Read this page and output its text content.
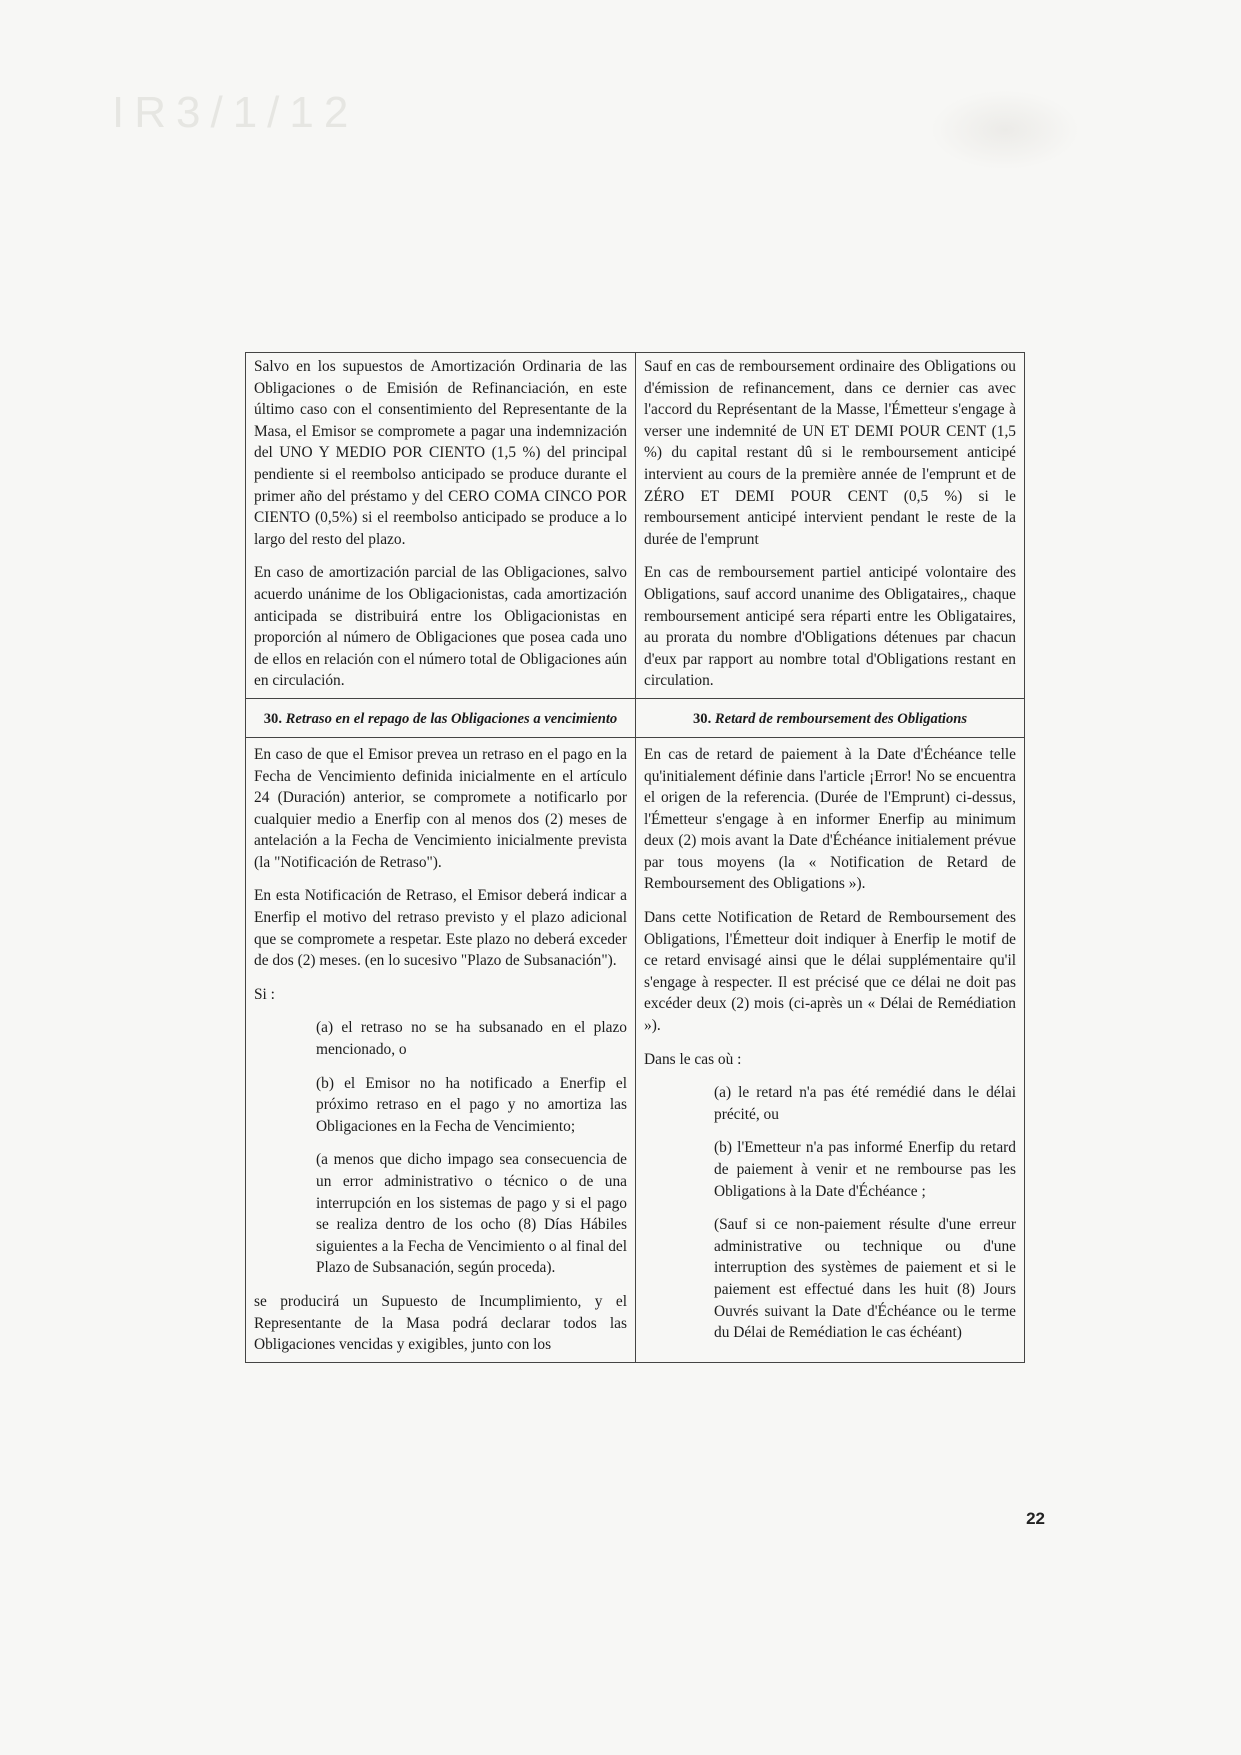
IR3/1/12

Salvo en los supuestos de Amortización Ordinaria de las Obligaciones o de Emisión de Refinanciación, en este último caso con el consentimiento del Representante de la Masa, el Emisor se compromete a pagar una indemnización del UNO Y MEDIO POR CIENTO (1,5 %) del principal pendiente si el reembolso anticipado se produce durante el primer año del préstamo y del CERO COMA CINCO POR CIENTO (0,5%) si el reembolso anticipado se produce a lo largo del resto del plazo.

En caso de amortización parcial de las Obligaciones, salvo acuerdo unánime de los Obligacionistas, cada amortización anticipada se distribuirá entre los Obligacionistas en proporción al número de Obligaciones que posea cada uno de ellos en relación con el número total de Obligaciones aún en circulación.

Sauf en cas de remboursement ordinaire des Obligations ou d'émission de refinancement, dans ce dernier cas avec l'accord du Représentant de la Masse, l'Émetteur s'engage à verser une indemnité de UN ET DEMI POUR CENT (1,5 %) du capital restant dû si le remboursement anticipé intervient au cours de la première année de l'emprunt et de ZÉRO ET DEMI POUR CENT (0,5 %) si le remboursement anticipé intervient pendant le reste de la durée de l'emprunt

En cas de remboursement partiel anticipé volontaire des Obligations, sauf accord unanime des Obligataires,, chaque remboursement anticipé sera réparti entre les Obligataires, au prorata du nombre d'Obligations détenues par chacun d'eux par rapport au nombre total d'Obligations restant en circulation.

30. Retraso en el repago de las Obligaciones a vencimiento	30. Retard de remboursement des Obligations

En caso de que el Emisor prevea un retraso en el pago en la Fecha de Vencimiento definida inicialmente en el artículo 24 (Duración) anterior, se compromete a notificarlo por cualquier medio a Enerfip con al menos dos (2) meses de antelación a la Fecha de Vencimiento inicialmente prevista (la "Notificación de Retraso").

En esta Notificación de Retraso, el Emisor deberá indicar a Enerfip el motivo del retraso previsto y el plazo adicional que se compromete a respetar. Este plazo no deberá exceder de dos (2) meses. (en lo sucesivo "Plazo de Subsanación").

Si :

(a) el retraso no se ha subsanado en el plazo mencionado, o

(b) el Emisor no ha notificado a Enerfip el próximo retraso en el pago y no amortiza las Obligaciones en la Fecha de Vencimiento;

(a menos que dicho impago sea consecuencia de un error administrativo o técnico o de una interrupción en los sistemas de pago y si el pago se realiza dentro de los ocho (8) Días Hábiles siguientes a la Fecha de Vencimiento o al final del Plazo de Subsanación, según proceda).

se producirá un Supuesto de Incumplimiento, y el Representante de la Masa podrá declarar todos las Obligaciones vencidas y exigibles, junto con los

En cas de retard de paiement à la Date d'Échéance telle qu'initialement définie dans l'article ¡Error! No se encuentra el origen de la referencia. (Durée de l'Emprunt) ci-dessus, l'Émetteur s'engage à en informer Enerfip au minimum deux (2) mois avant la Date d'Échéance initialement prévue par tous moyens (la « Notification de Retard de Remboursement des Obligations »).

Dans cette Notification de Retard de Remboursement des Obligations, l'Émetteur doit indiquer à Enerfip le motif de ce retard envisagé ainsi que le délai supplémentaire qu'il s'engage à respecter. Il est précisé que ce délai ne doit pas excéder deux (2) mois (ci-après un « Délai de Remédiation »).

Dans le cas où :

(a) le retard n'a pas été remédié dans le délai précité, ou

(b) l'Emetteur n'a pas informé Enerfip du retard de paiement à venir et ne rembourse pas les Obligations à la Date d'Échéance ;

(Sauf si ce non-paiement résulte d'une erreur administrative ou technique ou d'une interruption des systèmes de paiement et si le paiement est effectué dans les huit (8) Jours Ouvrés suivant la Date d'Échéance ou le terme du Délai de Remédiation le cas échéant)

22
